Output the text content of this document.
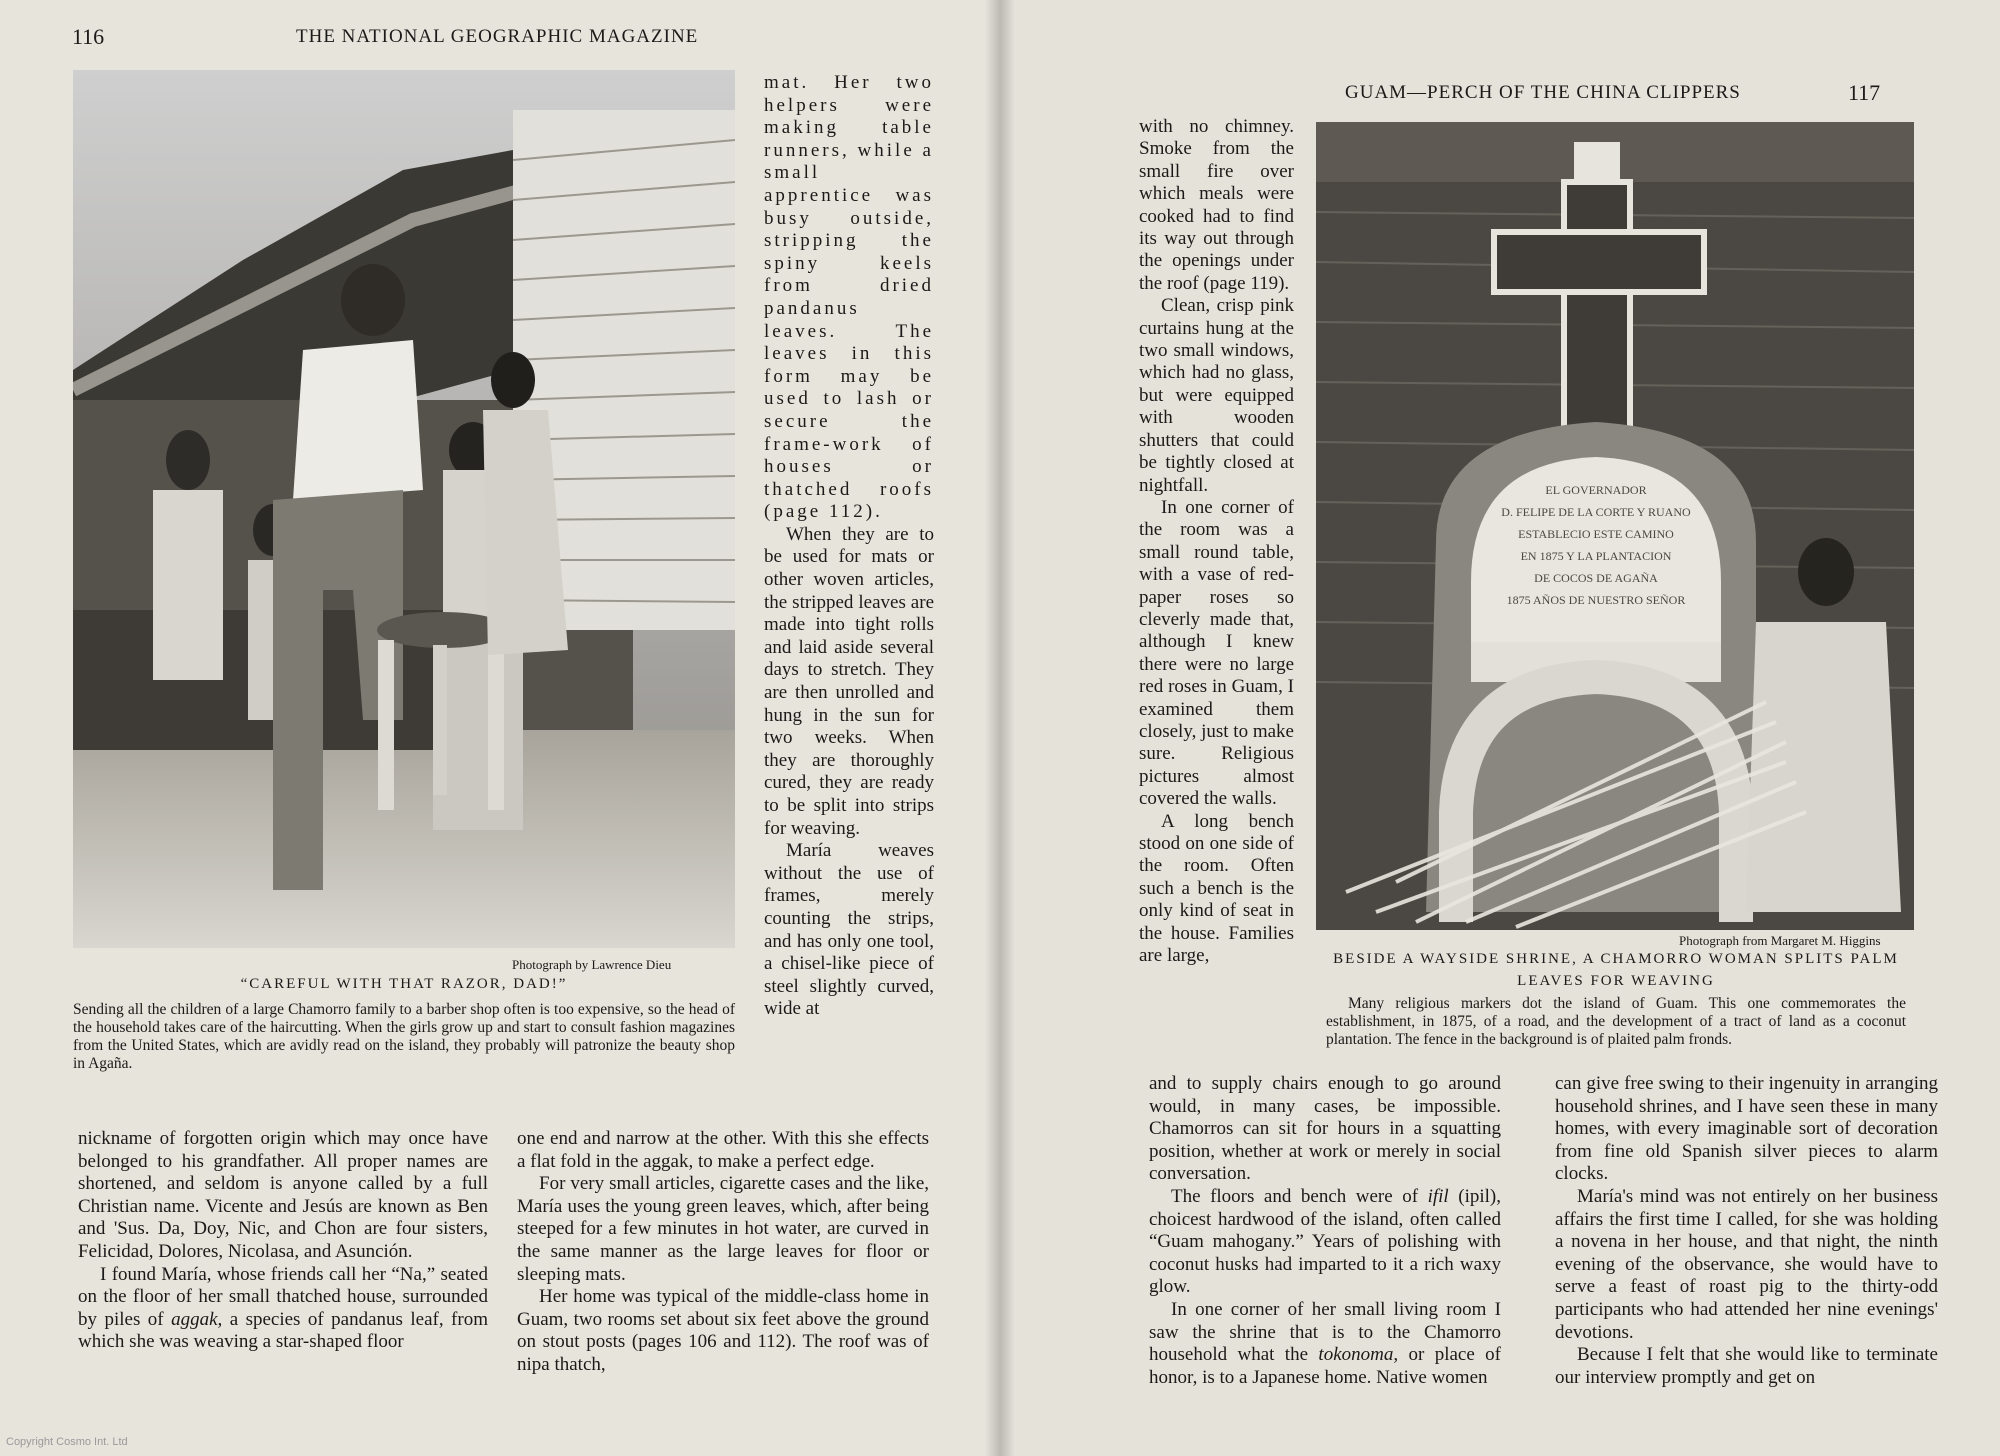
116	THE NATIONAL GEOGRAPHIC MAGAZINE
Photograph by Lawrence Dieu
“CAREFUL WITH THAT RAZOR, DAD!”
Sending all the children of a large Chamorro family to a barber shop often is too expensive, so the head of the household takes care of the haircutting. When the girls grow up and start to consult fashion magazines from the United States, which are avidly read on the island, they probably will patronize the beauty shop in Agaña.

mat. Her two helpers were making table runners, while a small apprentice was busy outside, stripping the spiny keels from dried pandanus leaves. The leaves in this form may be used to lash or secure the frame-work of houses or thatched roofs (page 112).

When they are to be used for mats or other woven articles, the stripped leaves are made into tight rolls and laid aside several days to stretch. They are then unrolled and hung in the sun for two weeks. When they are thoroughly cured, they are ready to be split into strips for weaving.

María weaves without the use of frames, merely counting the strips, and has only one tool, a chisel-like piece of steel slightly curved, wide at

nickname of forgotten origin which may once have belonged to his grandfather. All proper names are shortened, and seldom is anyone called by a full Christian name. Vicente and Jesús are known as Ben and 'Sus. Da, Doy, Nic, and Chon are four sisters, Felicidad, Dolores, Nicolasa, and Asunción.

I found María, whose friends call her “Na,” seated on the floor of her small thatched house, surrounded by piles of aggak, a species of pandanus leaf, from which she was weaving a star-shaped floor

one end and narrow at the other. With this she effects a flat fold in the aggak, to make a perfect edge.

For very small articles, cigarette cases and the like, María uses the young green leaves, which, after being steeped for a few minutes in hot water, are curved in the same manner as the large leaves for floor or sleeping mats.

Her home was typical of the middle-class home in Guam, two rooms set about six feet above the ground on stout posts (pages 106 and 112). The roof was of nipa thatch,

Copyright Cosmo Int. Ltd
GUAM—PERCH OF THE CHINA CLIPPERS	117

with no chimney. Smoke from the small fire over which meals were cooked had to find its way out through the openings under the roof (page 119).

Clean, crisp pink curtains hung at the two small windows, which had no glass, but were equipped with wooden shutters that could be tightly closed at nightfall.

In one corner of the room was a small round table, with a vase of red-paper roses so cleverly made that, although I knew there were no large red roses in Guam, I examined them closely, just to make sure. Religious pictures almost covered the walls.

A long bench stood on one side of the room. Often such a bench is the only kind of seat in the house. Families are large,

EL GOVERNADOR
D. FELIPE DE LA CORTE Y RUANO
ESTABLECIO ESTE CAMINO
EN 1875 Y LA PLANTACION
DE COCOS DE AGAÑA
1875 AÑOS DE NUESTRO SEÑOR
Photograph from Margaret M. Higgins
BESIDE A WAYSIDE SHRINE, A CHAMORRO WOMAN SPLITS PALM LEAVES FOR WEAVING
Many religious markers dot the island of Guam. This one commemorates the establishment, in 1875, of a road, and the development of a tract of land as a coconut plantation. The fence in the background is of plaited palm fronds.

and to supply chairs enough to go around would, in many cases, be impossible. Chamorros can sit for hours in a squatting position, whether at work or merely in social conversation.

The floors and bench were of ifil (ipil), choicest hardwood of the island, often called “Guam mahogany.” Years of polishing with coconut husks had imparted to it a rich waxy glow.

In one corner of her small living room I saw the shrine that is to the Chamorro household what the tokonoma, or place of honor, is to a Japanese home. Native women

can give free swing to their ingenuity in arranging household shrines, and I have seen these in many homes, with every imaginable sort of decoration from fine old Spanish silver pieces to alarm clocks.

María's mind was not entirely on her business affairs the first time I called, for she was holding a novena in her house, and that night, the ninth evening of the observance, she would have to serve a feast of roast pig to the thirty-odd participants who had attended her nine evenings' devotions.

Because I felt that she would like to terminate our interview promptly and get on
